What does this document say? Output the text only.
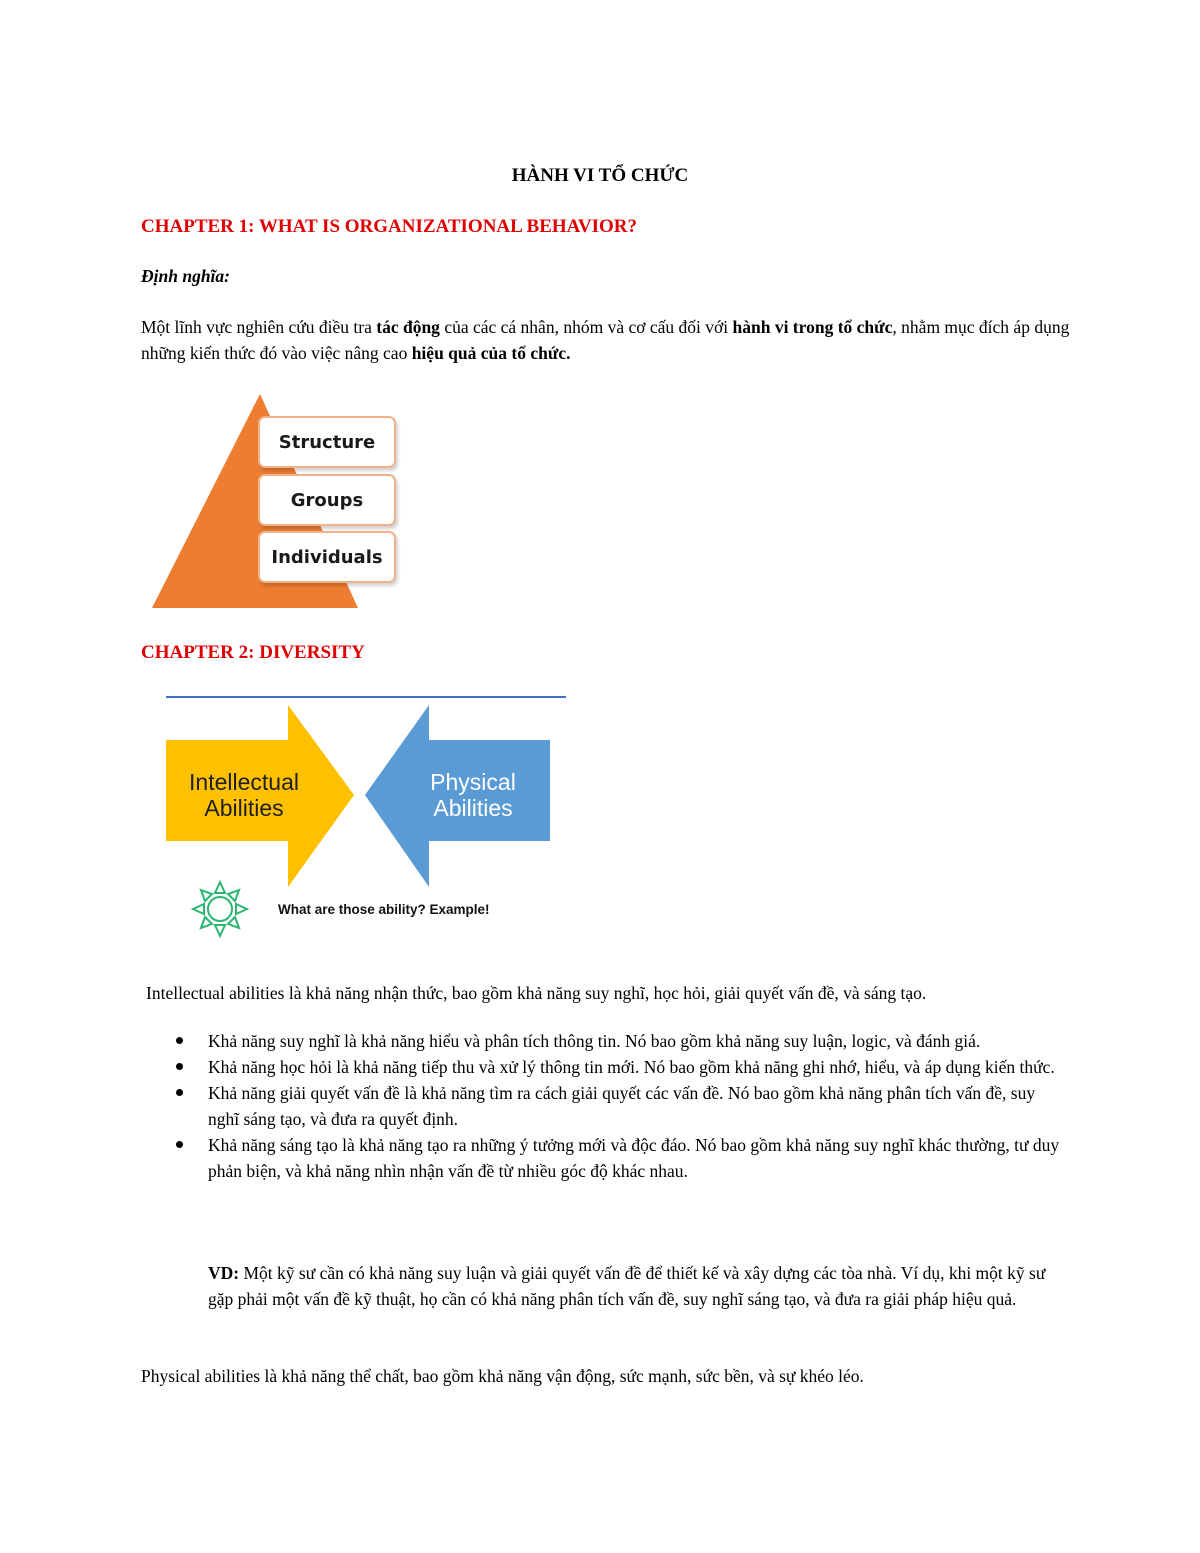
HÀNH VI TỔ CHỨC
CHAPTER 1: WHAT IS ORGANIZATIONAL BEHAVIOR?
Định nghĩa:
Một lĩnh vực nghiên cứu điều tra tác động của các cá nhân, nhóm và cơ cấu đối với hành vi trong tổ chức, nhằm mục đích áp dụng những kiến thức đó vào việc nâng cao hiệu quả của tổ chức.
Structure
Groups
Individuals
CHAPTER 2: DIVERSITY
Intellectual
Abilities
Physical
Abilities
What are those ability? Example!
Intellectual abilities là khả năng nhận thức, bao gồm khả năng suy nghĩ, học hỏi, giải quyết vấn đề, và sáng tạo.
Khả năng suy nghĩ là khả năng hiểu và phân tích thông tin. Nó bao gồm khả năng suy luận, logic, và đánh giá.
Khả năng học hỏi là khả năng tiếp thu và xử lý thông tin mới. Nó bao gồm khả năng ghi nhớ, hiểu, và áp dụng kiến thức.
Khả năng giải quyết vấn đề là khả năng tìm ra cách giải quyết các vấn đề. Nó bao gồm khả năng phân tích vấn đề, suy nghĩ sáng tạo, và đưa ra quyết định.
Khả năng sáng tạo là khả năng tạo ra những ý tưởng mới và độc đáo. Nó bao gồm khả năng suy nghĩ khác thường, tư duy phản biện, và khả năng nhìn nhận vấn đề từ nhiều góc độ khác nhau.
VD: Một kỹ sư cần có khả năng suy luận và giải quyết vấn đề để thiết kế và xây dựng các tòa nhà. Ví dụ, khi một kỹ sư gặp phải một vấn đề kỹ thuật, họ cần có khả năng phân tích vấn đề, suy nghĩ sáng tạo, và đưa ra giải pháp hiệu quả.
Physical abilities là khả năng thể chất, bao gồm khả năng vận động, sức mạnh, sức bền, và sự khéo léo.
